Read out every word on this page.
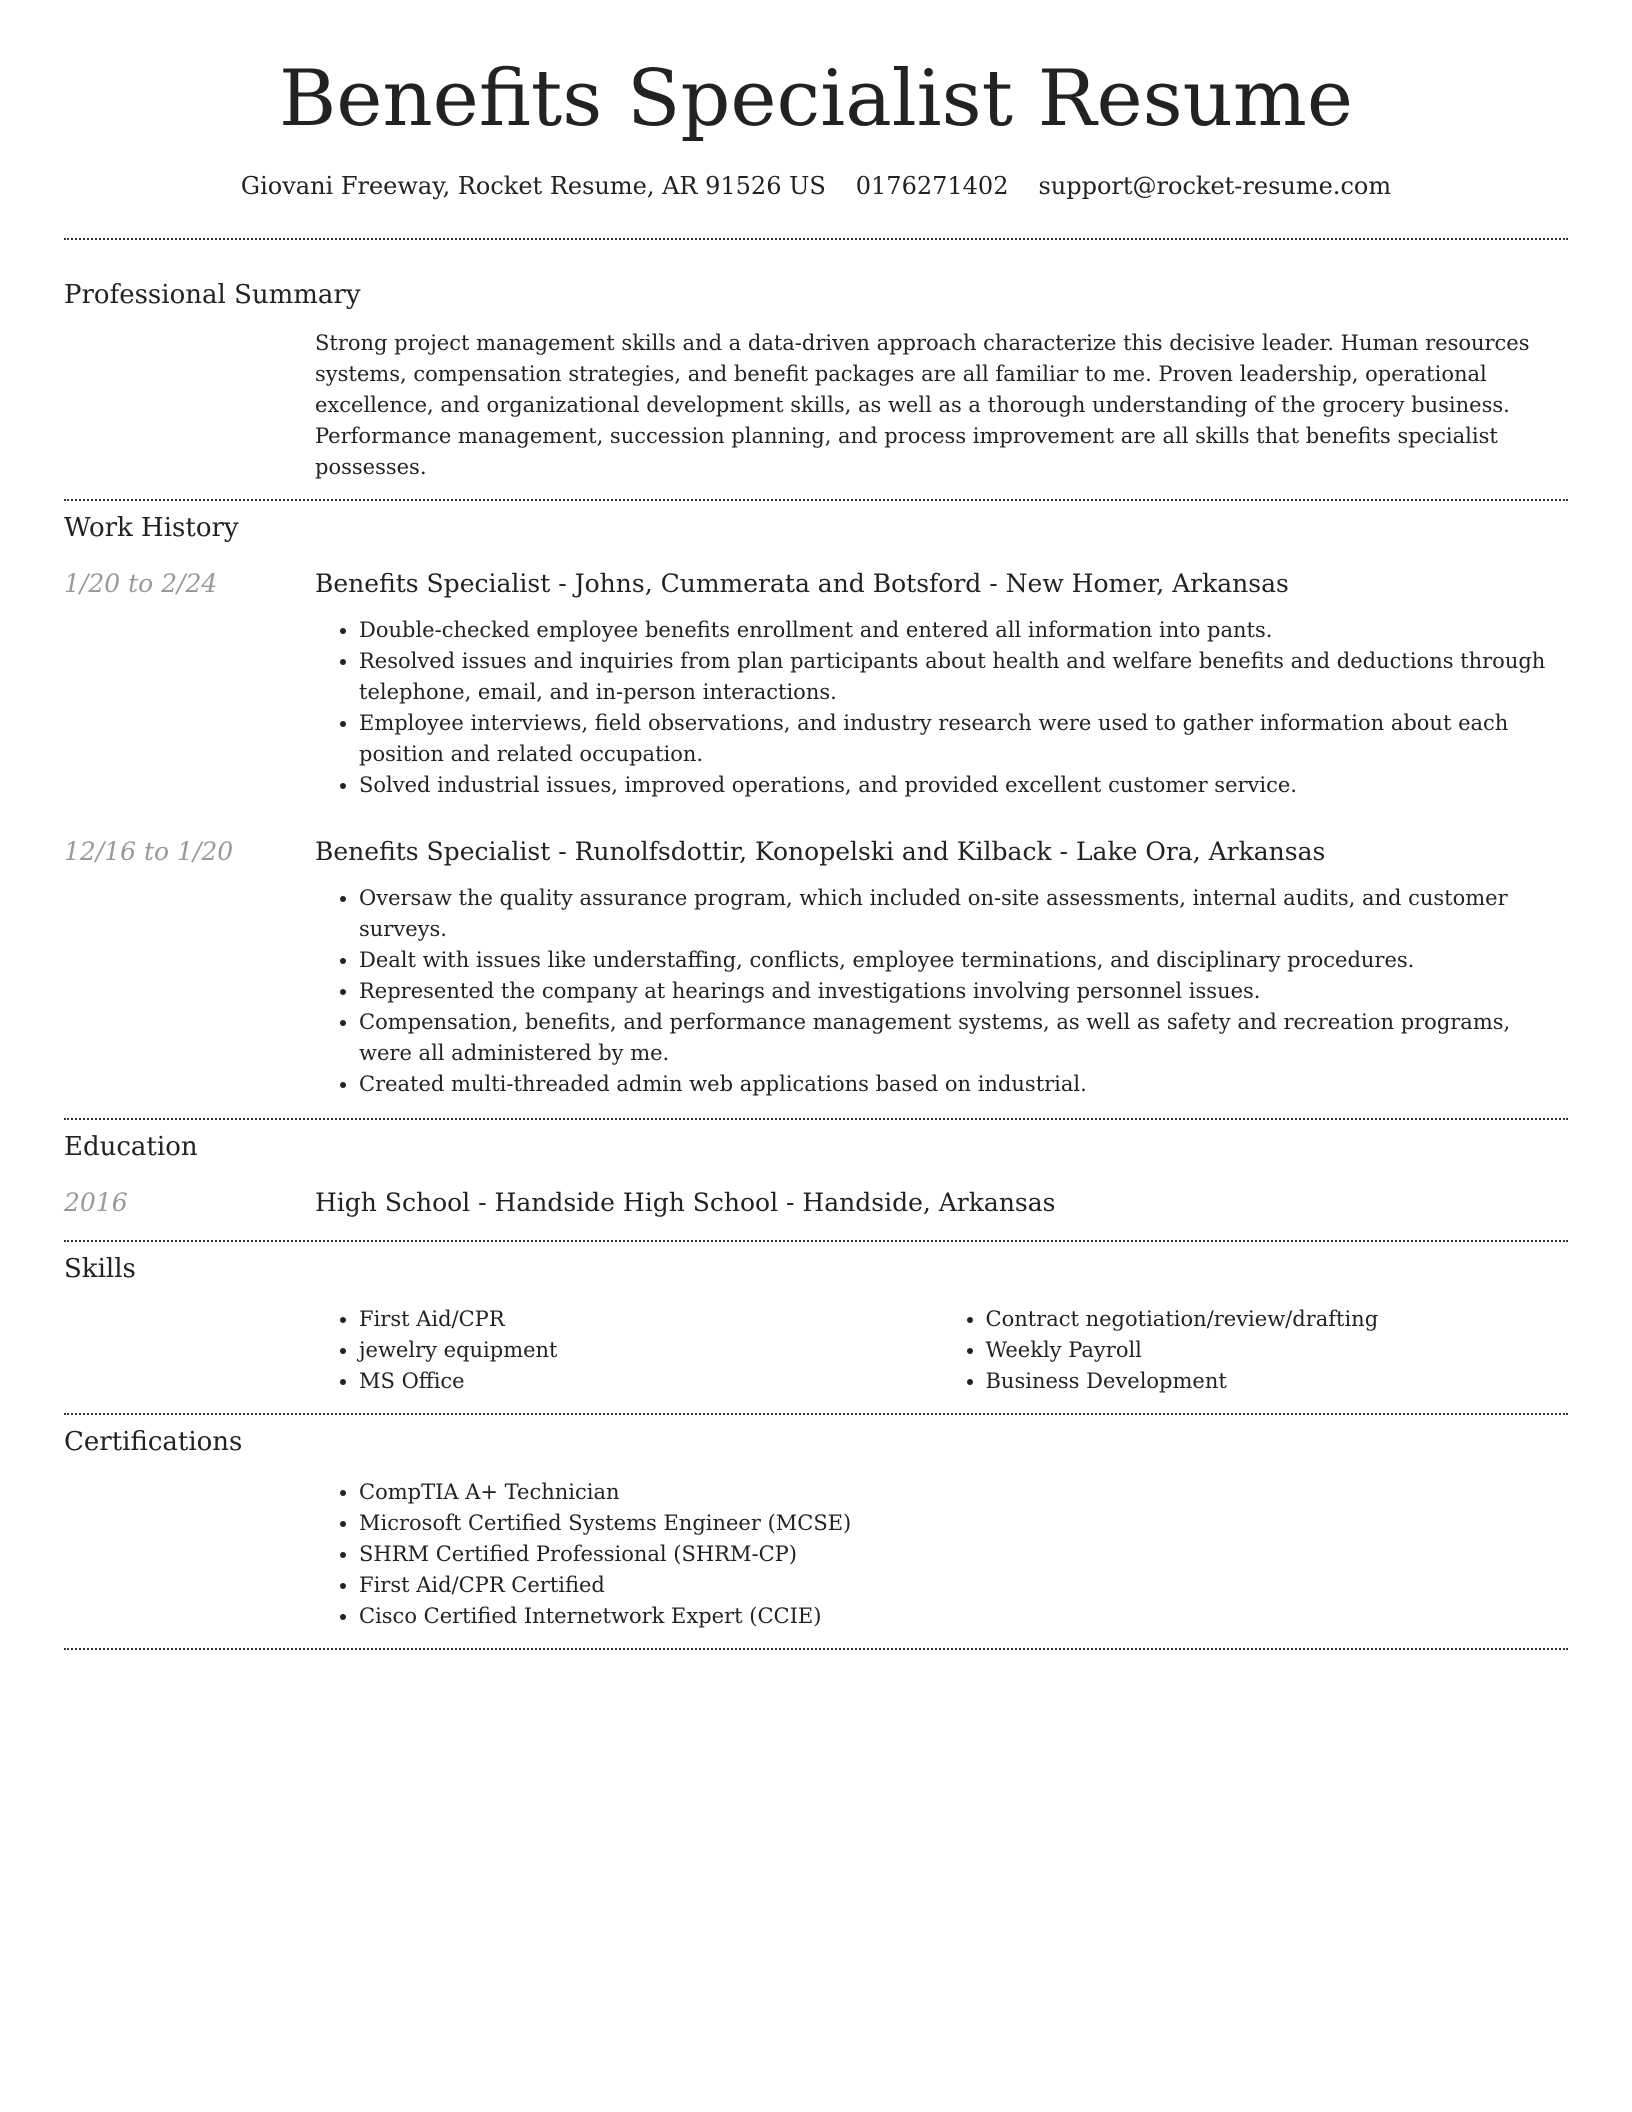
Benefits Specialist Resume
Giovani Freeway, Rocket Resume, AR 91526 US 0176271402 support@rocket-resume.com
Professional Summary
Strong project management skills and a data-driven approach characterize this decisive leader. Human resources systems, compensation strategies, and benefit packages are all familiar to me. Proven leadership, operational excellence, and organizational development skills, as well as a thorough understanding of the grocery business. Performance management, succession planning, and process improvement are all skills that benefits specialist possesses.
Work History
1/20 to 2/24	Benefits Specialist - Johns, Cummerata and Botsford - New Homer, Arkansas
• Double-checked employee benefits enrollment and entered all information into pants.
• Resolved issues and inquiries from plan participants about health and welfare benefits and deductions through telephone, email, and in-person interactions.
• Employee interviews, field observations, and industry research were used to gather information about each position and related occupation.
• Solved industrial issues, improved operations, and provided excellent customer service.
12/16 to 1/20	Benefits Specialist - Runolfsdottir, Konopelski and Kilback - Lake Ora, Arkansas
• Oversaw the quality assurance program, which included on-site assessments, internal audits, and customer surveys.
• Dealt with issues like understaffing, conflicts, employee terminations, and disciplinary procedures.
• Represented the company at hearings and investigations involving personnel issues.
• Compensation, benefits, and performance management systems, as well as safety and recreation programs, were all administered by me.
• Created multi-threaded admin web applications based on industrial.
Education
2016	High School - Handside High School - Handside, Arkansas
Skills
• First Aid/CPR
• jewelry equipment
• MS Office
• Contract negotiation/review/drafting
• Weekly Payroll
• Business Development
Certifications
• CompTIA A+ Technician
• Microsoft Certified Systems Engineer (MCSE)
• SHRM Certified Professional (SHRM-CP)
• First Aid/CPR Certified
• Cisco Certified Internetwork Expert (CCIE)
